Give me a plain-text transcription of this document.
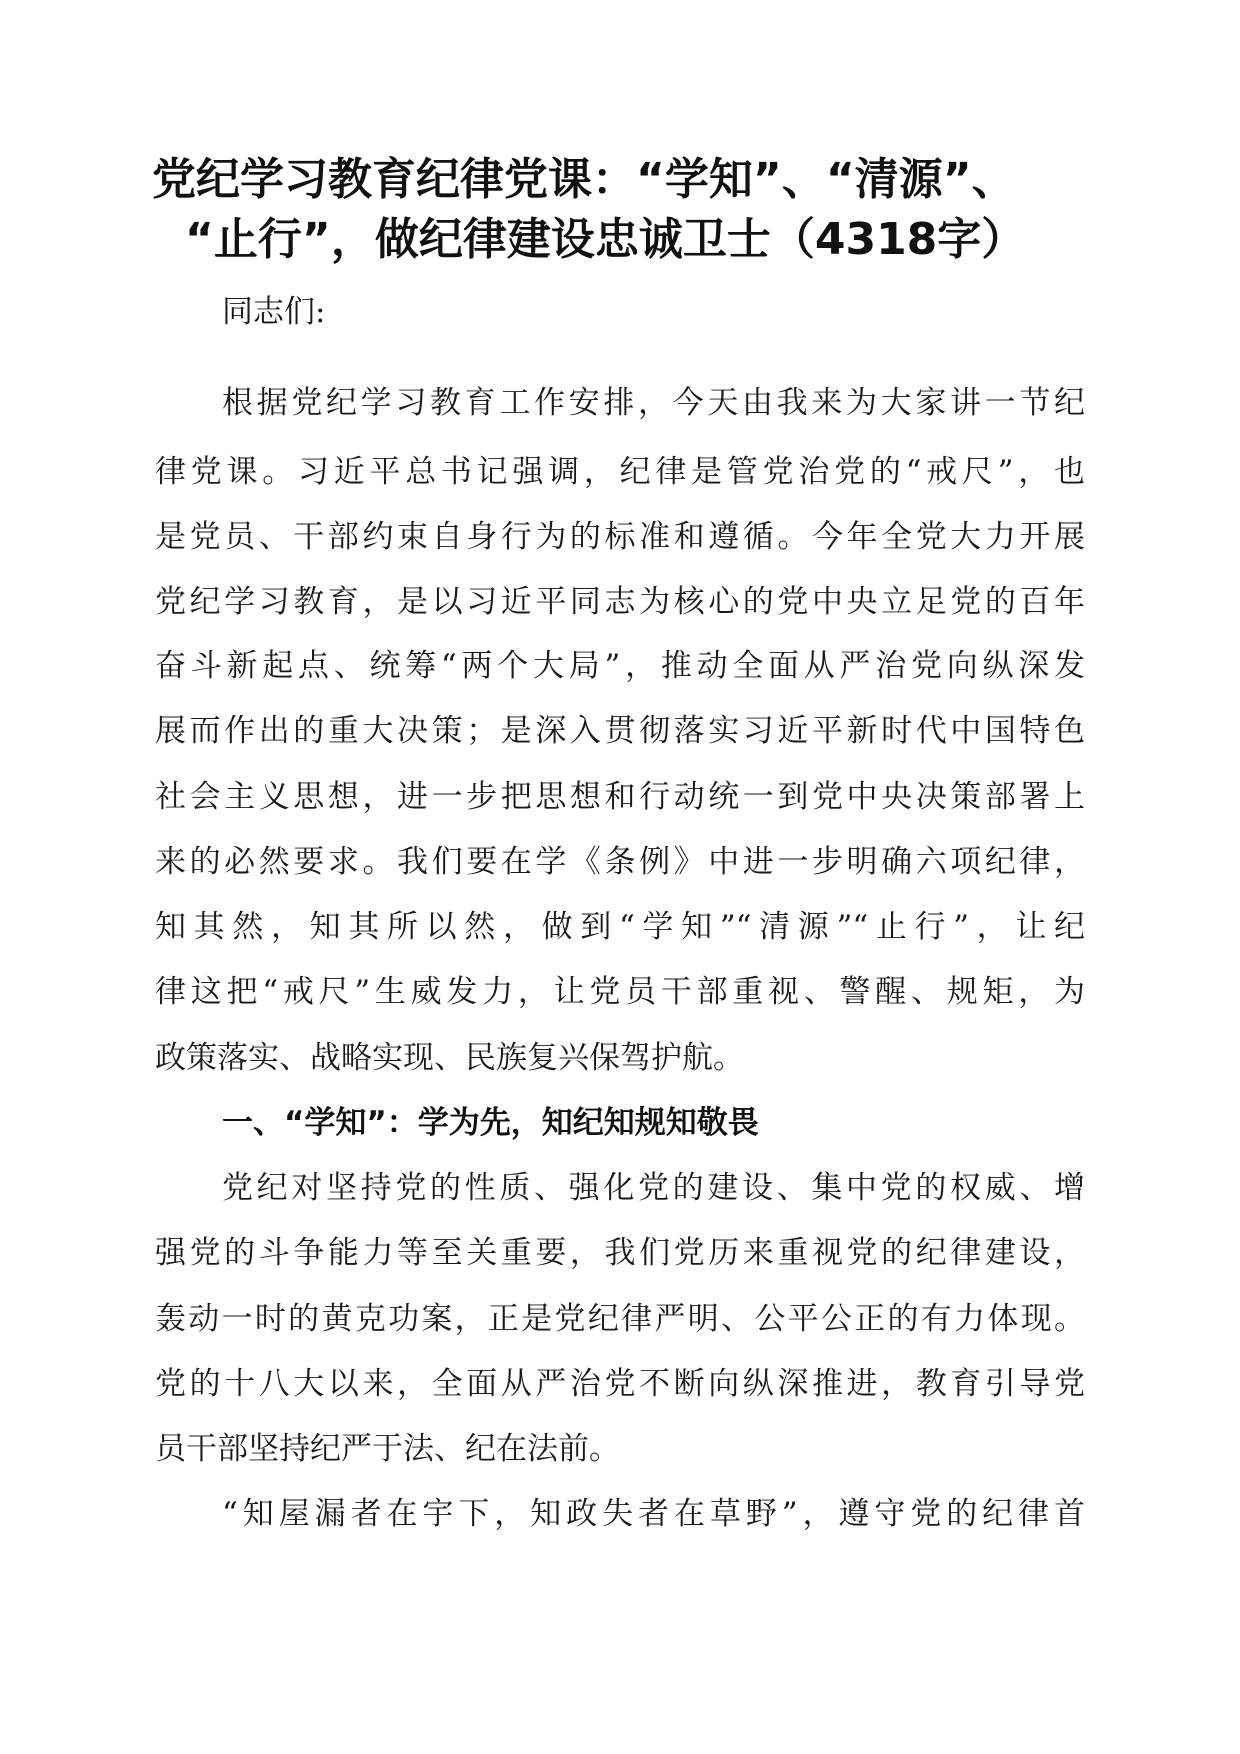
党纪学习教育纪律党课：“学知”、“清源”、
“止行”，做纪律建设忠诚卫士（4318字）
同志们:
根据党纪学习教育工作安排，今天由我来为大家讲一节纪
律党课。习近平总书记强调，纪律是管党治党的“戒尺”，也
是党员、干部约束自身行为的标准和遵循。今年全党大力开展
党纪学习教育，是以习近平同志为核心的党中央立足党的百年
奋斗新起点、统筹“两个大局”，推动全面从严治党向纵深发
展而作出的重大决策；是深入贯彻落实习近平新时代中国特色
社会主义思想，进一步把思想和行动统一到党中央决策部署上
来的必然要求。我们要在学《条例》中进一步明确六项纪律，
知其然，知其所以然，做到“学知”“清源”“止行”，让纪
律这把“戒尺”生威发力，让党员干部重视、警醒、规矩，为
政策落实、战略实现、民族复兴保驾护航。
一、“学知”：学为先，知纪知规知敬畏
党纪对坚持党的性质、强化党的建设、集中党的权威、增
强党的斗争能力等至关重要，我们党历来重视党的纪律建设，
轰动一时的黄克功案，正是党纪律严明、公平公正的有力体现。
党的十八大以来，全面从严治党不断向纵深推进，教育引导党
员干部坚持纪严于法、纪在法前。
“知屋漏者在宇下，知政失者在草野”，遵守党的纪律首
